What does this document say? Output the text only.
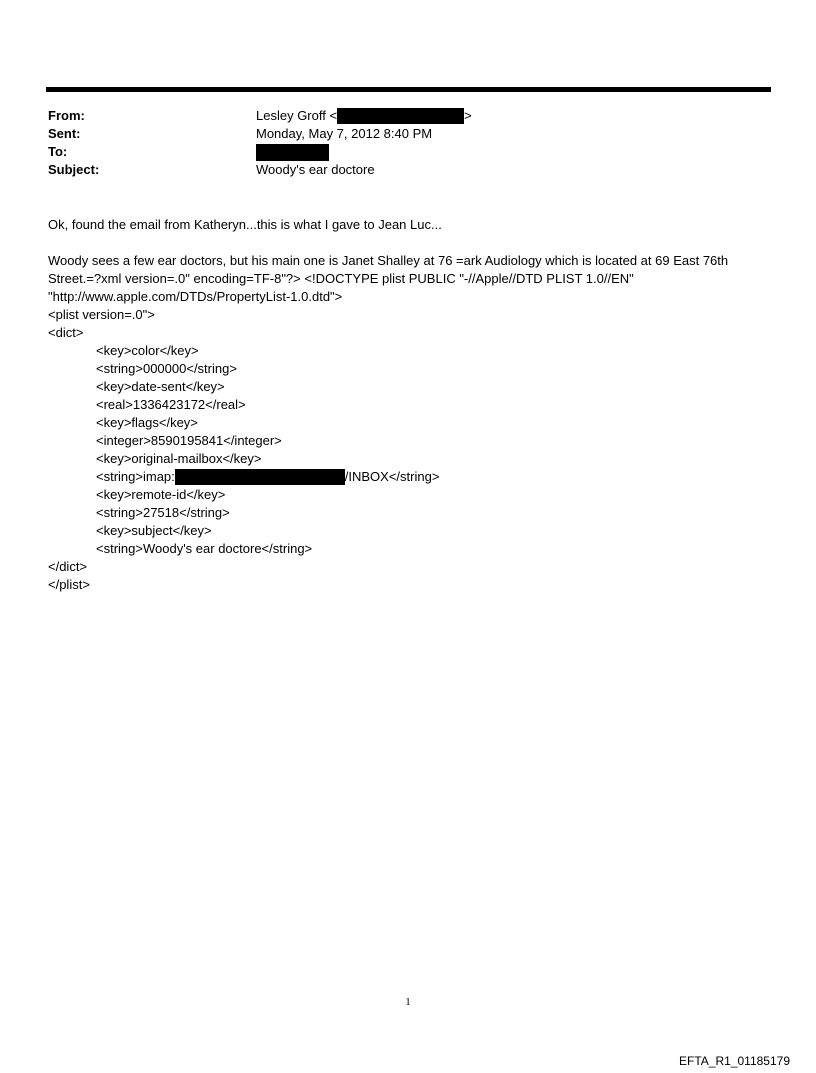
From:	Lesley Groff <	>
Sent:	Monday, May 7, 2012 8:40 PM
To:
Subject:	Woody's ear doctore

Ok, found the email from Katheryn...this is what I gave to Jean Luc...

Woody sees a few ear doctors, but his main one is Janet Shalley at 76 =ark Audiology which is located at 69 East 76th

Street.=?xml version=.0" encoding=TF-8"?> <!DOCTYPE plist PUBLIC "-//Apple//DTD PLIST 1.0//EN"

"http://www.apple.com/DTDs/PropertyList-1.0.dtd">

<plist version=.0">

<dict>

<key>color</key>

<string>000000</string>

<key>date-sent</key>

<real>1336423172</real>

<key>flags</key>

<integer>8590195841</integer>

<key>original-mailbox</key>

<string>imap:	/INBOX</string>

<key>remote-id</key>

<string>27518</string>

<key>subject</key>

<string>Woody's ear doctore</string>

</dict>

</plist>

1
EFTA_R1_01185179
